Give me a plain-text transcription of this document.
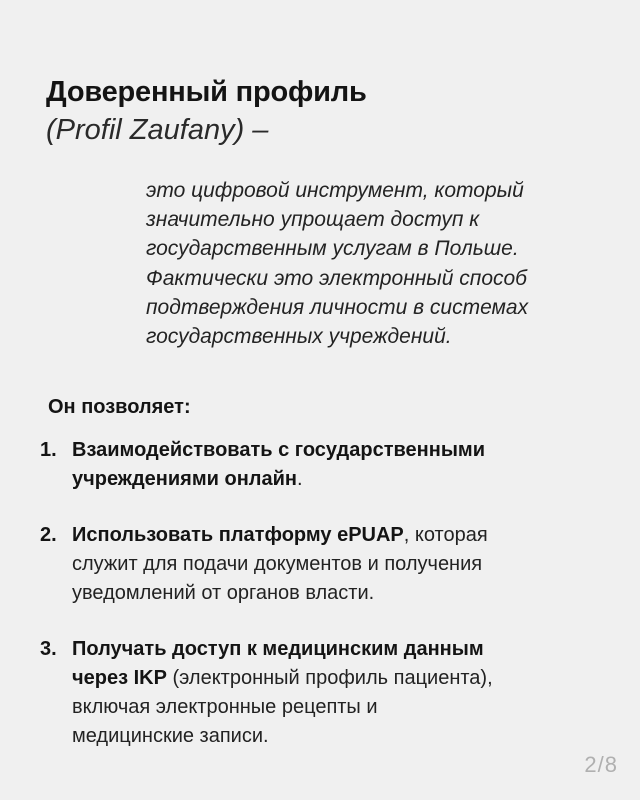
Доверенный профиль
(Profil Zaufany) –

это цифровой инструмент, который
значительно упрощает доступ к
государственным услугам в Польше.
Фактически это электронный способ
подтверждения личности в системах
государственных учреждений.

Он позволяет:
1. Взаимодействовать с государственными
учреждениями онлайн.
2. Использовать платформу ePUAP, которая
служит для подачи документов и получения
уведомлений от органов власти.
3. Получать доступ к медицинским данным
через IKP (электронный профиль пациента),
включая электронные рецепты и
медицинские записи.
2/8
